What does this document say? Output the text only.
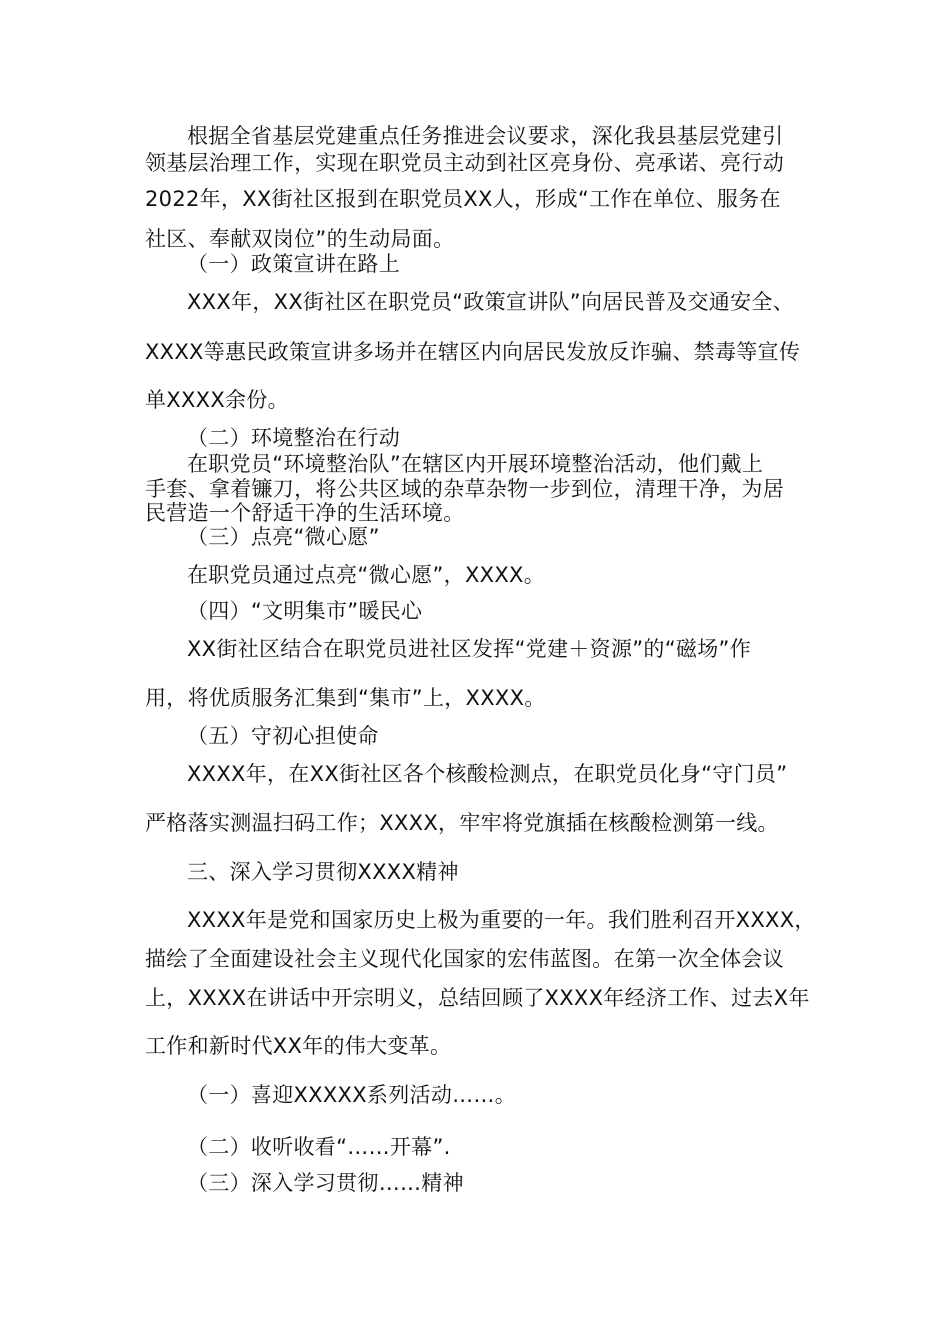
根据全省基层党建重点任务推进会议要求，深化我县基层党建引
领基层治理工作，实现在职党员主动到社区亮身份、亮承诺、亮行动
2022年，XX街社区报到在职党员XX人，形成“工作在单位、服务在
社区、奉献双岗位”的生动局面。
（一）政策宣讲在路上
XXX年，XX街社区在职党员“政策宣讲队”向居民普及交通安全、
XXXX等惠民政策宣讲多场并在辖区内向居民发放反诈骗、禁毒等宣传
单XXXX余份。
（二）环境整治在行动
在职党员“环境整治队”在辖区内开展环境整治活动，他们戴上
手套、拿着镰刀，将公共区域的杂草杂物一步到位，清理干净，为居
民营造一个舒适干净的生活环境。
（三）点亮“微心愿”
在职党员通过点亮“微心愿”，XXXX。
（四）“文明集市”暖民心
XX街社区结合在职党员进社区发挥“党建＋资源”的“磁场”作
用，将优质服务汇集到“集市”上，XXXX。
（五）守初心担使命
XXXX年，在XX街社区各个核酸检测点，在职党员化身“守门员”
严格落实测温扫码工作；XXXX，牢牢将党旗插在核酸检测第一线。
三、深入学习贯彻XXXX精神
XXXX年是党和国家历史上极为重要的一年。我们胜利召开XXXX，
描绘了全面建设社会主义现代化国家的宏伟蓝图。在第一次全体会议
上，XXXX在讲话中开宗明义，总结回顾了XXXX年经济工作、过去X年
工作和新时代XX年的伟大变革。
（一）喜迎XXXXX系列活动……。
（二）收听收看“……开幕”.
（三）深入学习贯彻……精神
